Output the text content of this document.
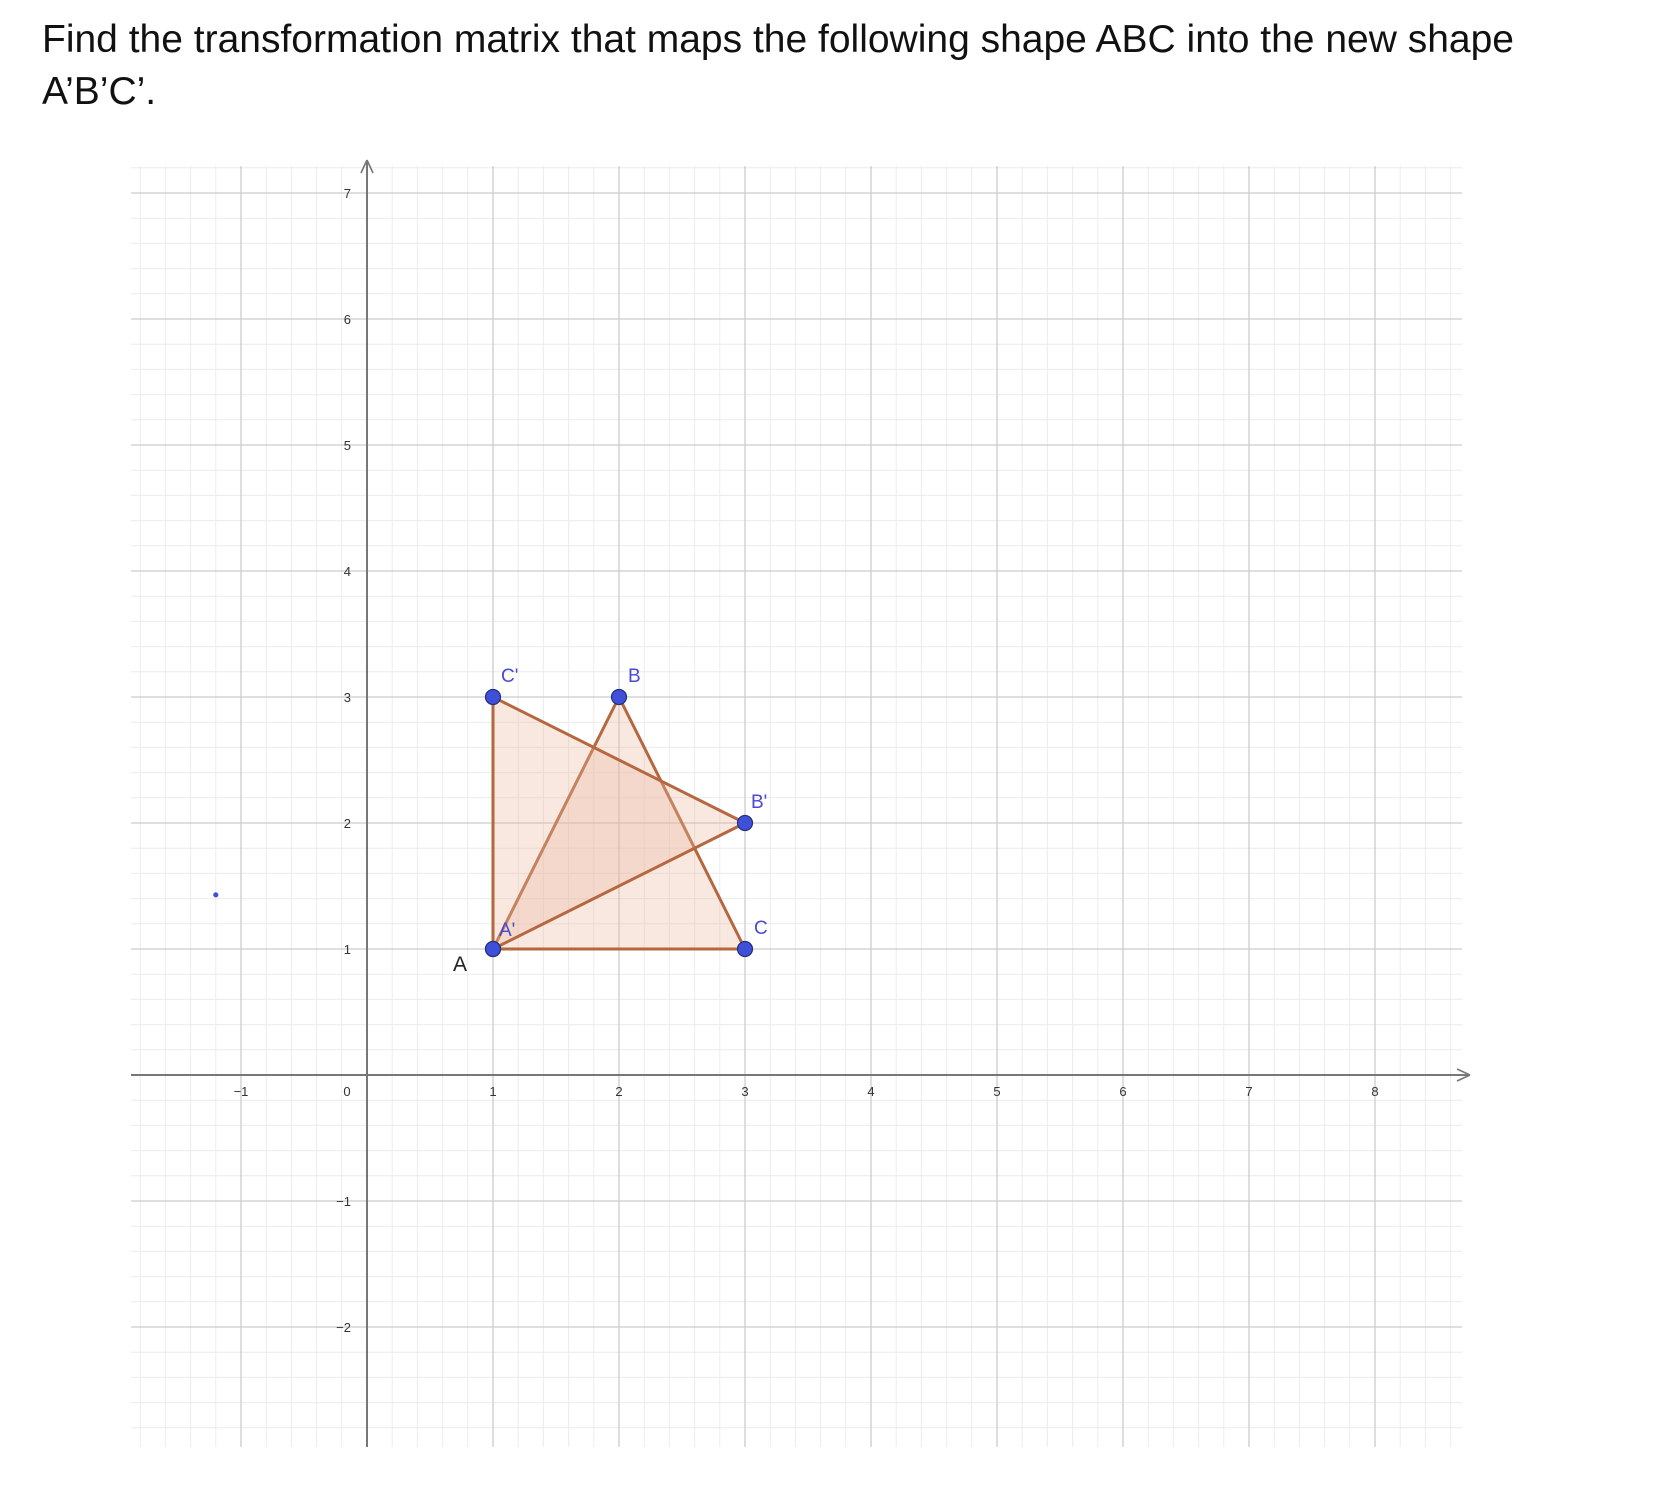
Find the transformation matrix that maps the following shape ABC into the new shape
A’B’C’.
−1	0	1	2	3	4	5	6	7	8
−2
−1
1
2
3
4
5
6
7
A
B
C
A'
B'
C'
